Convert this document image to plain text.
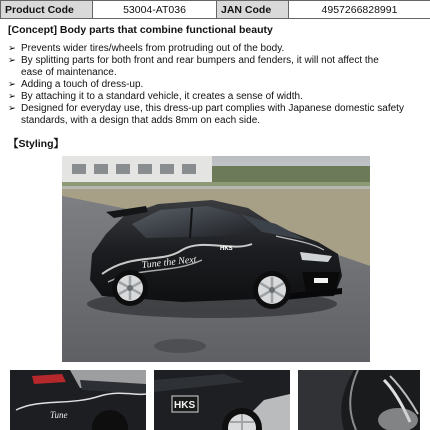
Product Code	53004-AT036	JAN Code	4957266828991
[Concept] Body parts that combine functional beauty
➢ Prevents wider tires/wheels from protruding out of the body.
➢ By splitting parts for both front and rear bumpers and fenders, it will not affect the
ease of maintenance.
➢ Adding a touch of dress-up.
➢ By attaching it to a standard vehicle, it creates a sense of width.
➢ Designed for everyday use, this dress-up part complies with Japanese domestic safety
standards, with a design that adds 8mm on each side.
【Styling】
Tune the Next
HKS
Tune
HKS
